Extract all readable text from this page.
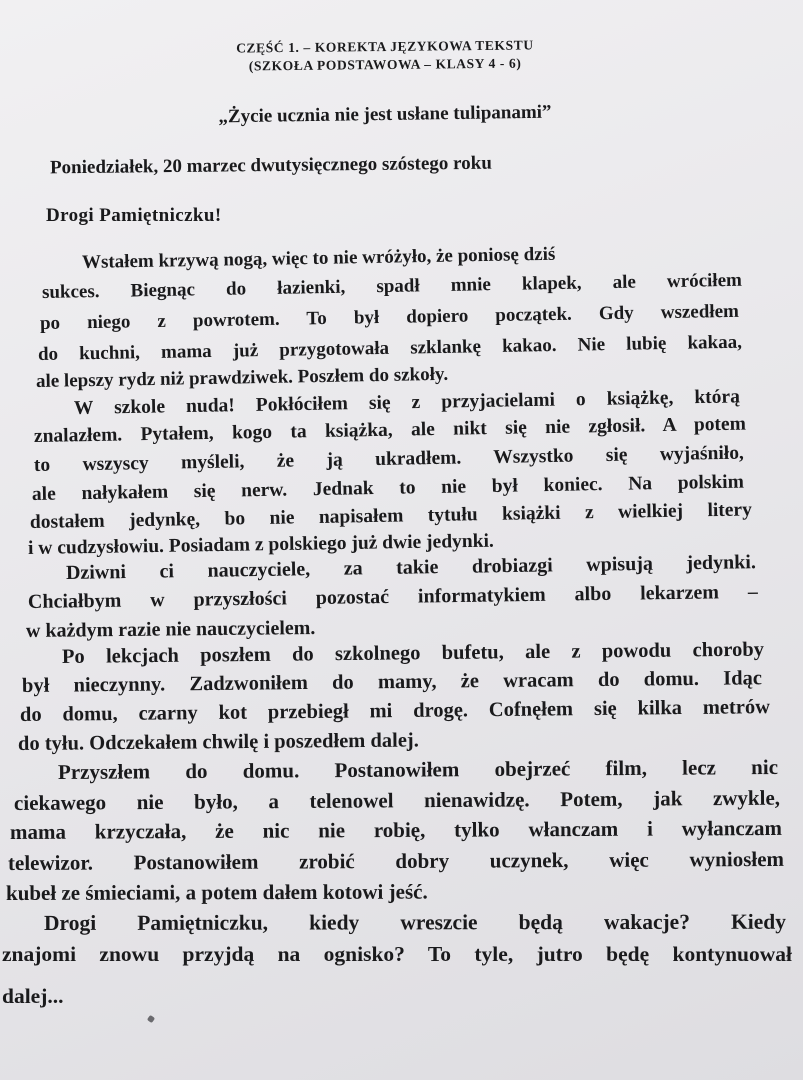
CZĘŚĆ 1. – KOREKTA JĘZYKOWA TEKSTU
(SZKOŁA PODSTAWOWA – KLASY 4 - 6)
„Życie ucznia nie jest usłane tulipanami”
Poniedziałek, 20 marzec dwutysięcznego szóstego roku
Drogi Pamiętniczku!
Wstałem krzywą nogą, więc to nie wróżyło, że poniosę dziś
sukces. Biegnąc do łazienki, spadł mnie klapek, ale wróciłem
po niego z powrotem. To był dopiero początek. Gdy wszedłem
do kuchni, mama już przygotowała szklankę kakao. Nie lubię kakaa,
ale lepszy rydz niż prawdziwek. Poszłem do szkoły.
W szkole nuda! Pokłóciłem się z przyjacielami o książkę, którą
znalazłem. Pytałem, kogo ta książka, ale nikt się nie zgłosił. A potem
to wszyscy myśleli, że ją ukradłem. Wszystko się wyjaśniło,
ale nałykałem się nerw. Jednak to nie był koniec. Na polskim
dostałem jedynkę, bo nie napisałem tytułu książki z wielkiej litery
i w cudzysłowiu. Posiadam z polskiego już dwie jedynki.
Dziwni ci nauczyciele, za takie drobiazgi wpisują jedynki.
Chciałbym w przyszłości pozostać informatykiem albo lekarzem –
w każdym razie nie nauczycielem.
Po lekcjach poszłem do szkolnego bufetu, ale z powodu choroby
był nieczynny. Zadzwoniłem do mamy, że wracam do domu. Idąc
do domu, czarny kot przebiegł mi drogę. Cofnęłem się kilka metrów
do tyłu. Odczekałem chwilę i poszedłem dalej.
Przyszłem do domu. Postanowiłem obejrzeć film, lecz nic
ciekawego nie było, a telenowel nienawidzę. Potem, jak zwykle,
mama krzyczała, że nic nie robię, tylko włanczam i wyłanczam
telewizor. Postanowiłem zrobić dobry uczynek, więc wyniosłem
kubeł ze śmieciami, a potem dałem kotowi jeść.
Drogi Pamiętniczku, kiedy wreszcie będą wakacje? Kiedy
znajomi znowu przyjdą na ognisko? To tyle, jutro będę kontynuował
dalej...
